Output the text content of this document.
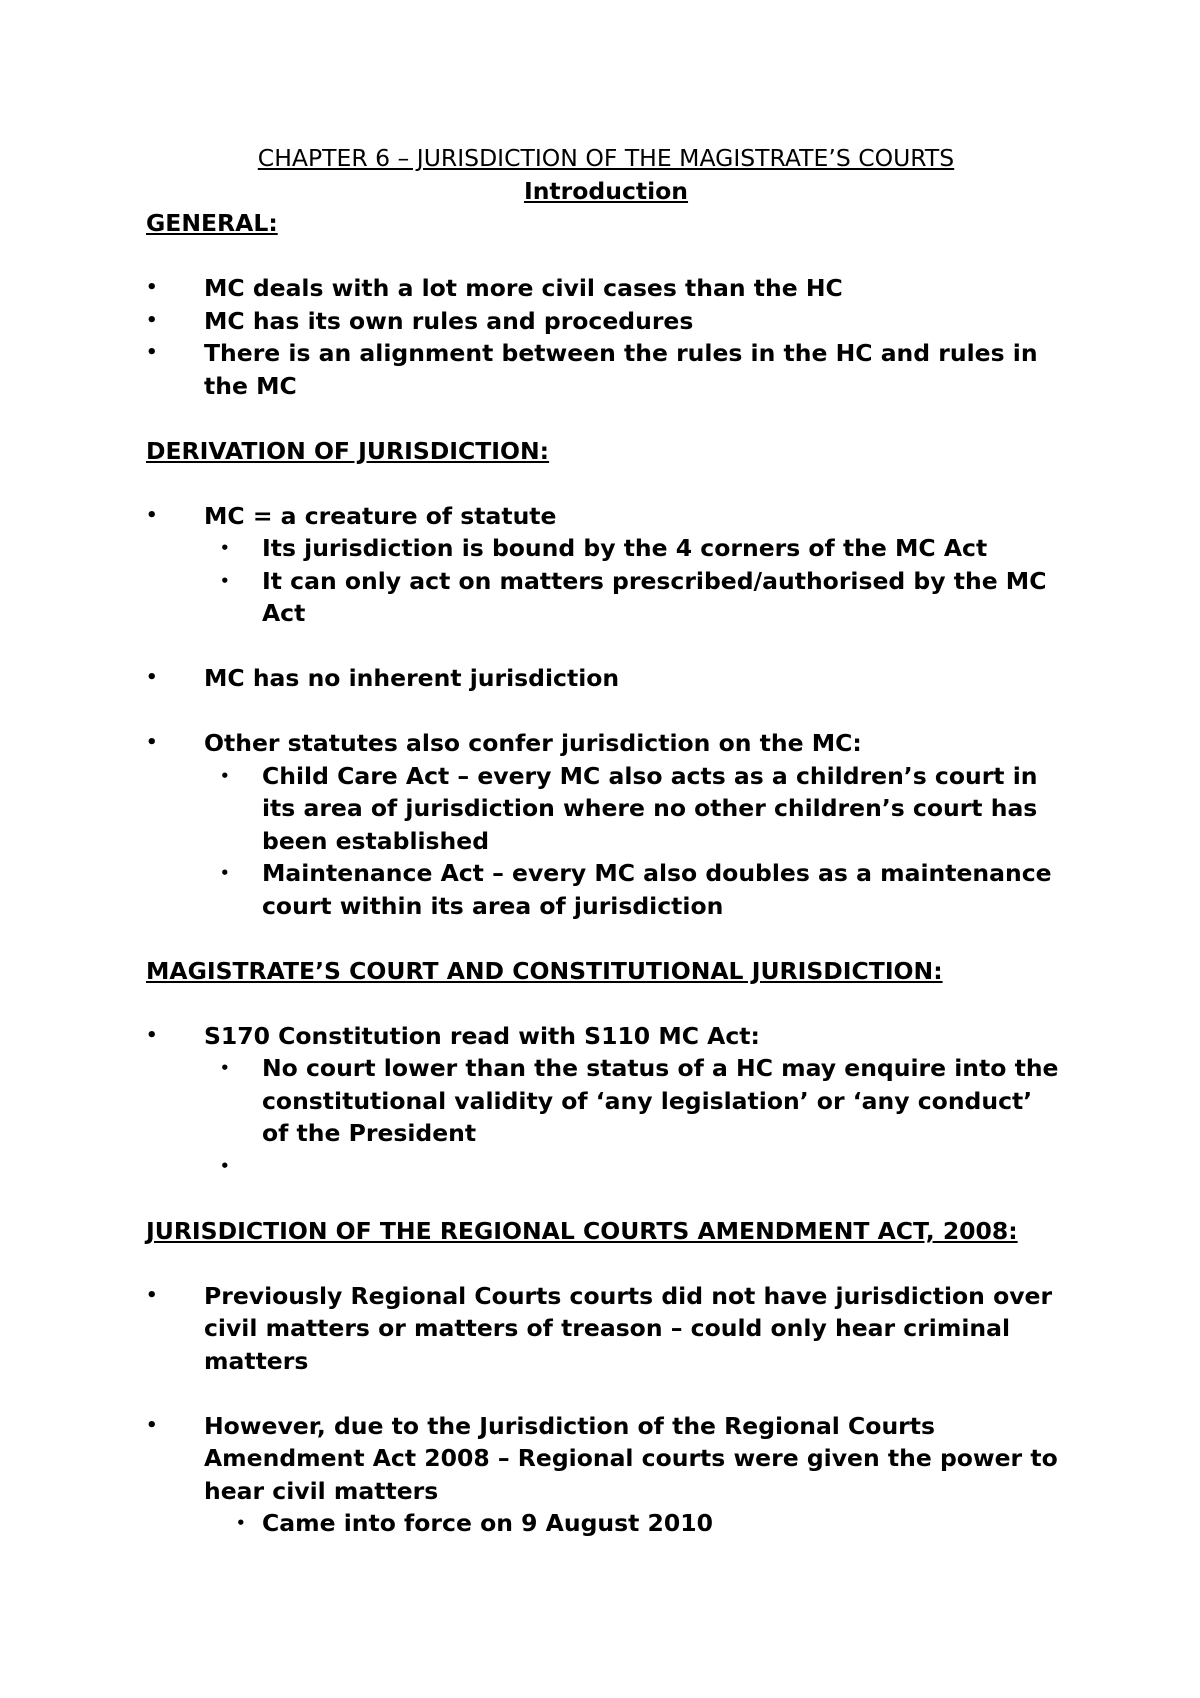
CHAPTER 6 – JURISDICTION OF THE MAGISTRATE’S COURTS

Introduction

GENERAL:

• MC deals with a lot more civil cases than the HC
• MC has its own rules and procedures
• There is an alignment between the rules in the HC and rules in the MC

DERIVATION OF JURISDICTION:

• MC = a creature of statute
• Its jurisdiction is bound by the 4 corners of the MC Act
• It can only act on matters prescribed/authorised by the MC Act
• MC has no inherent jurisdiction
• Other statutes also confer jurisdiction on the MC:
• Child Care Act – every MC also acts as a children’s court in its area of jurisdiction where no other children’s court has been established
• Maintenance Act – every MC also doubles as a maintenance court within its area of jurisdiction

MAGISTRATE’S COURT AND CONSTITUTIONAL JURISDICTION:

• S170 Constitution read with S110 MC Act:
• No court lower than the status of a HC may enquire into the constitutional validity of ‘any legislation’ or ‘any conduct’ of the President
•

JURISDICTION OF THE REGIONAL COURTS AMENDMENT ACT, 2008:

• Previously Regional Courts courts did not have jurisdiction over civil matters or matters of treason – could only hear criminal matters
• However, due to the Jurisdiction of the Regional Courts Amendment Act 2008 – Regional courts were given the power to hear civil matters
• Came into force on 9 August 2010
